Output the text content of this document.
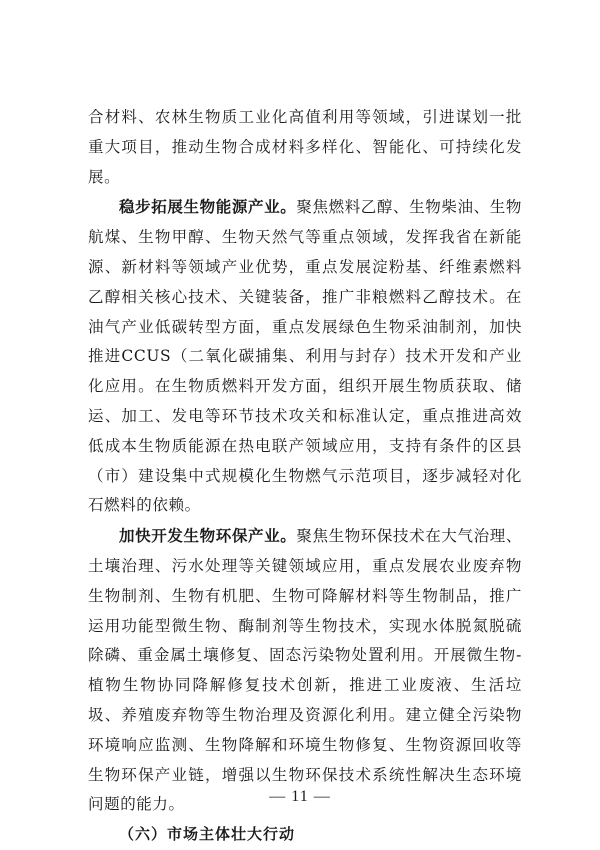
合材料、农林生物质工业化高值利用等领域，引进谋划一批重大项目，推动生物合成材料多样化、智能化、可持续化发展。

稳步拓展生物能源产业。聚焦燃料乙醇、生物柴油、生物航煤、生物甲醇、生物天然气等重点领域，发挥我省在新能源、新材料等领域产业优势，重点发展淀粉基、纤维素燃料乙醇相关核心技术、关键装备，推广非粮燃料乙醇技术。在油气产业低碳转型方面，重点发展绿色生物采油制剂，加快推进CCUS（二氧化碳捕集、利用与封存）技术开发和产业化应用。在生物质燃料开发方面，组织开展生物质获取、储运、加工、发电等环节技术攻关和标准认定，重点推进高效低成本生物质能源在热电联产领域应用，支持有条件的区县（市）建设集中式规模化生物燃气示范项目，逐步减轻对化石燃料的依赖。

加快开发生物环保产业。聚焦生物环保技术在大气治理、土壤治理、污水处理等关键领域应用，重点发展农业废弃物生物制剂、生物有机肥、生物可降解材料等生物制品，推广运用功能型微生物、酶制剂等生物技术，实现水体脱氮脱硫除磷、重金属土壤修复、固态污染物处置利用。开展微生物-植物生物协同降解修复技术创新，推进工业废液、生活垃圾、养殖废弃物等生物治理及资源化利用。建立健全污染物环境响应监测、生物降解和环境生物修复、生物资源回收等生物环保产业链，增强以生物环保技术系统性解决生态环境问题的能力。

（六）市场主体壮大行动

— 11 —
